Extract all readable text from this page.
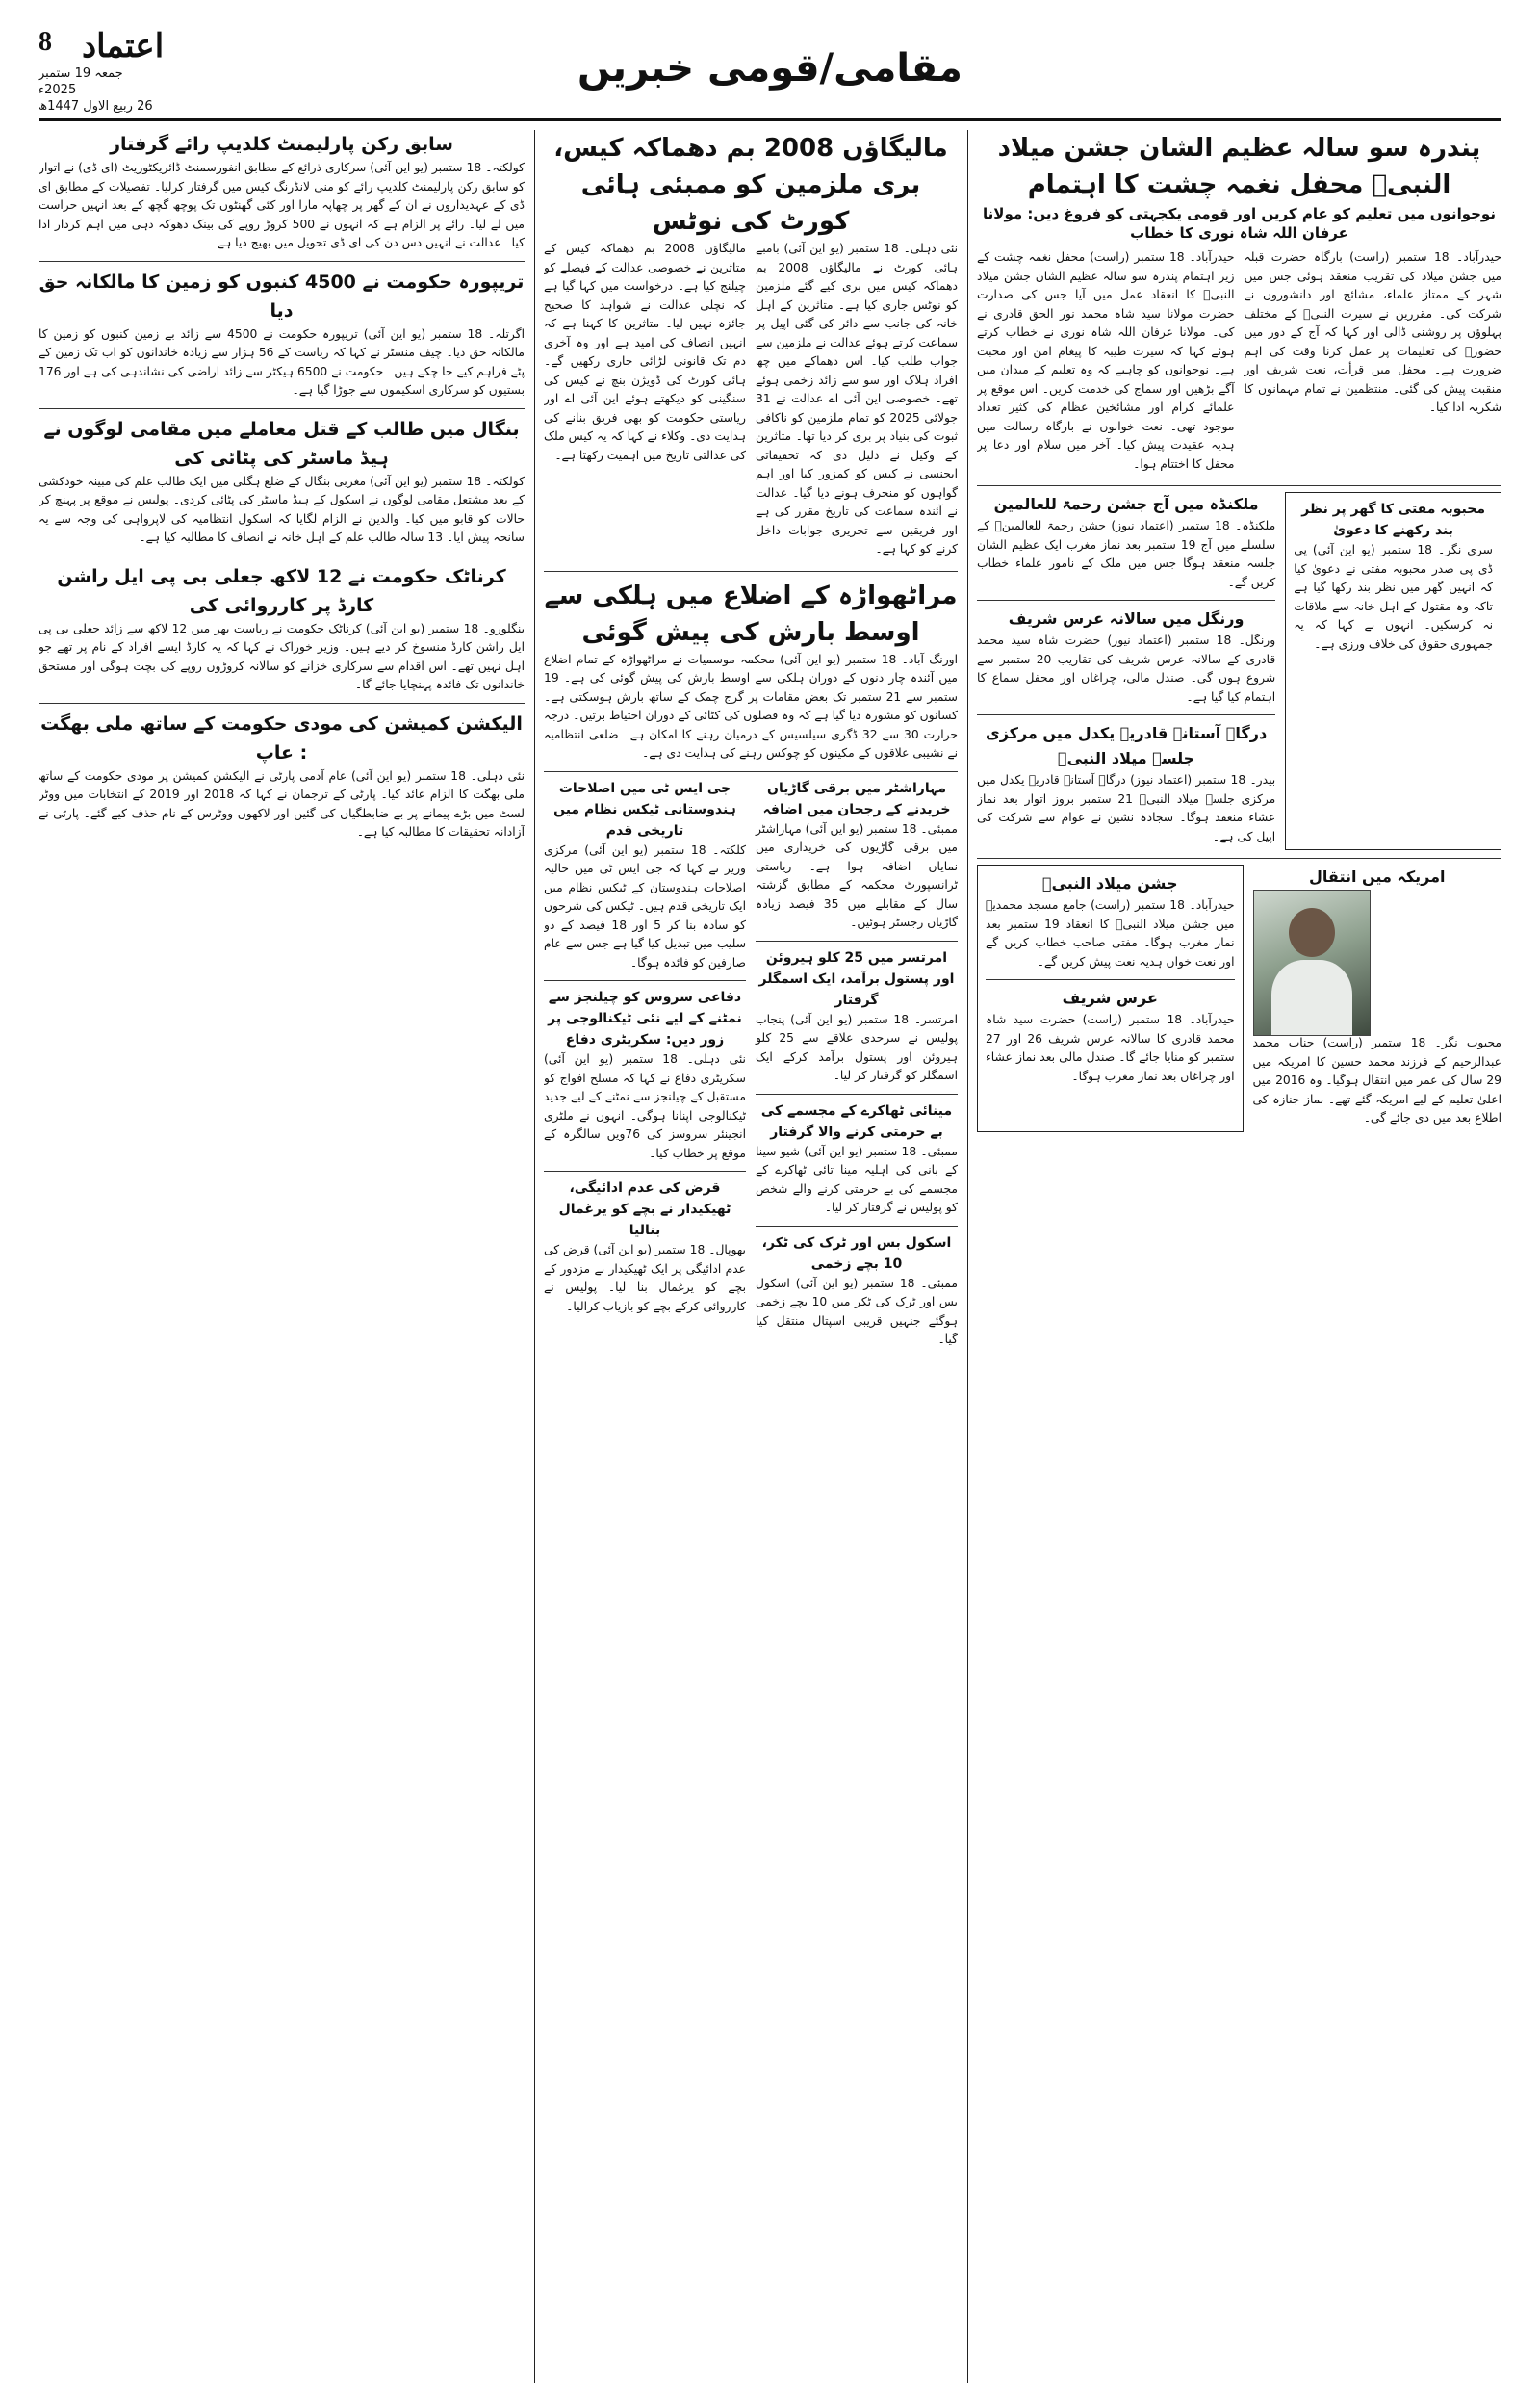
8 اعتماد
جمعہ 19 ستمبر 2025ء
26 ربیع الاول 1447ھ
مقامی/قومی خبریں
سابق رکن پارلیمنٹ کلدیپ رائے گرفتار

کولکتہ۔ 18 ستمبر (یو این آئی) سرکاری ذرائع کے مطابق انفورسمنٹ ڈائریکٹوریٹ (ای ڈی) نے اتوار کو سابق رکن پارلیمنٹ کلدیپ رائے کو منی لانڈرنگ کیس میں گرفتار کرلیا۔ تفصیلات کے مطابق ای ڈی کے عہدیداروں نے ان کے گھر پر چھاپہ مارا اور کئی گھنٹوں تک پوچھ گچھ کے بعد انہیں حراست میں لے لیا۔ رائے پر الزام ہے کہ انہوں نے 500 کروڑ روپے کی بینک دھوکہ دہی میں اہم کردار ادا کیا۔ عدالت نے انہیں دس دن کی ای ڈی تحویل میں بھیج دیا ہے۔

تریپورہ حکومت نے 4500 کنبوں کو زمین کا مالکانہ حق دیا

اگرتلہ۔ 18 ستمبر (یو این آئی) تریپورہ حکومت نے 4500 سے زائد بے زمین کنبوں کو زمین کا مالکانہ حق دیا۔ چیف منسٹر نے کہا کہ ریاست کے 56 ہزار سے زیادہ خاندانوں کو اب تک زمین کے پٹے فراہم کیے جا چکے ہیں۔ حکومت نے 6500 ہیکٹر سے زائد اراضی کی نشاندہی کی ہے اور 176 بستیوں کو سرکاری اسکیموں سے جوڑا گیا ہے۔

بنگال میں طالب کے قتل معاملے میں مقامی لوگوں نے ہیڈ ماسٹر کی پٹائی کی

کولکتہ۔ 18 ستمبر (یو این آئی) مغربی بنگال کے ضلع ہگلی میں ایک طالب علم کی مبینہ خودکشی کے بعد مشتعل مقامی لوگوں نے اسکول کے ہیڈ ماسٹر کی پٹائی کردی۔ پولیس نے موقع پر پہنچ کر حالات کو قابو میں کیا۔ والدین نے الزام لگایا کہ اسکول انتظامیہ کی لاپرواہی کی وجہ سے یہ سانحہ پیش آیا۔ 13 سالہ طالب علم کے اہل خانہ نے انصاف کا مطالبہ کیا ہے۔

کرناٹک حکومت نے 12 لاکھ جعلی بی پی ایل راشن کارڈ پر کارروائی کی

بنگلورو۔ 18 ستمبر (یو این آئی) کرناٹک حکومت نے ریاست بھر میں 12 لاکھ سے زائد جعلی بی پی ایل راشن کارڈ منسوخ کر دیے ہیں۔ وزیر خوراک نے کہا کہ یہ کارڈ ایسے افراد کے نام پر تھے جو اہل نہیں تھے۔ اس اقدام سے سرکاری خزانے کو سالانہ کروڑوں روپے کی بچت ہوگی اور مستحق خاندانوں تک فائدہ پہنچایا جائے گا۔

الیکشن کمیشن کی مودی حکومت کے ساتھ ملی بھگت : عاپ

نئی دہلی۔ 18 ستمبر (یو این آئی) عام آدمی پارٹی نے الیکشن کمیشن پر مودی حکومت کے ساتھ ملی بھگت کا الزام عائد کیا۔ پارٹی کے ترجمان نے کہا کہ 2018 اور 2019 کے انتخابات میں ووٹر لسٹ میں بڑے پیمانے پر بے ضابطگیاں کی گئیں اور لاکھوں ووٹرس کے نام حذف کیے گئے۔ پارٹی نے آزادانہ تحقیقات کا مطالبہ کیا ہے۔

مالیگاؤں 2008 بم دھماکہ کیس، بری ملزمین کو ممبئی ہائی کورٹ کی نوٹس

مالیگاؤں 2008 بم دھماکہ کیس کے متاثرین نے خصوصی عدالت کے فیصلے کو چیلنج کیا ہے۔ درخواست میں کہا گیا ہے کہ نچلی عدالت نے شواہد کا صحیح جائزہ نہیں لیا۔ متاثرین کا کہنا ہے کہ انہیں انصاف کی امید ہے اور وہ آخری دم تک قانونی لڑائی جاری رکھیں گے۔ ہائی کورٹ کی ڈویژن بنچ نے کیس کی سنگینی کو دیکھتے ہوئے این آئی اے اور ریاستی حکومت کو بھی فریق بنانے کی ہدایت دی۔ وکلاء نے کہا کہ یہ کیس ملک کی عدالتی تاریخ میں اہمیت رکھتا ہے۔

نئی دہلی۔ 18 ستمبر (یو این آئی) بامبے ہائی کورٹ نے مالیگاؤں 2008 بم دھماکہ کیس میں بری کیے گئے ملزمین کو نوٹس جاری کیا ہے۔ متاثرین کے اہل خانہ کی جانب سے دائر کی گئی اپیل پر سماعت کرتے ہوئے عدالت نے ملزمین سے جواب طلب کیا۔ اس دھماکے میں چھ افراد ہلاک اور سو سے زائد زخمی ہوئے تھے۔ خصوصی این آئی اے عدالت نے 31 جولائی 2025 کو تمام ملزمین کو ناکافی ثبوت کی بنیاد پر بری کر دیا تھا۔ متاثرین کے وکیل نے دلیل دی کہ تحقیقاتی ایجنسی نے کیس کو کمزور کیا اور اہم گواہوں کو منحرف ہونے دیا گیا۔ عدالت نے آئندہ سماعت کی تاریخ مقرر کی ہے اور فریقین سے تحریری جوابات داخل کرنے کو کہا ہے۔

مراٹھواڑہ کے اضلاع میں ہلکی سے اوسط بارش کی پیش گوئی

اورنگ آباد۔ 18 ستمبر (یو این آئی) محکمہ موسمیات نے مراٹھواڑہ کے تمام اضلاع میں آئندہ چار دنوں کے دوران ہلکی سے اوسط بارش کی پیش گوئی کی ہے۔ 19 ستمبر سے 21 ستمبر تک بعض مقامات پر گرج چمک کے ساتھ بارش ہوسکتی ہے۔ کسانوں کو مشورہ دیا گیا ہے کہ وہ فصلوں کی کٹائی کے دوران احتیاط برتیں۔ درجہ حرارت 30 سے 32 ڈگری سیلسیس کے درمیان رہنے کا امکان ہے۔ ضلعی انتظامیہ نے نشیبی علاقوں کے مکینوں کو چوکس رہنے کی ہدایت دی ہے۔

جی ایس ٹی میں اصلاحات ہندوستانی ٹیکس نظام میں تاریخی قدم

کلکتہ۔ 18 ستمبر (یو این آئی) مرکزی وزیر نے کہا کہ جی ایس ٹی میں حالیہ اصلاحات ہندوستان کے ٹیکس نظام میں ایک تاریخی قدم ہیں۔ ٹیکس کی شرحوں کو سادہ بنا کر 5 اور 18 فیصد کے دو سلیب میں تبدیل کیا گیا ہے جس سے عام صارفین کو فائدہ ہوگا۔

دفاعی سروس کو چیلنجز سے نمٹنے کے لیے نئی ٹیکنالوجی پر زور دیں: سکریٹری دفاع

نئی دہلی۔ 18 ستمبر (یو این آئی) سکریٹری دفاع نے کہا کہ مسلح افواج کو مستقبل کے چیلنجز سے نمٹنے کے لیے جدید ٹیکنالوجی اپنانا ہوگی۔ انہوں نے ملٹری انجینئر سروسز کی 76ویں سالگرہ کے موقع پر خطاب کیا۔

قرض کی عدم ادائیگی، ٹھیکیدار نے بچے کو یرغمال بنالیا

بھوپال۔ 18 ستمبر (یو این آئی) قرض کی عدم ادائیگی پر ایک ٹھیکیدار نے مزدور کے بچے کو یرغمال بنا لیا۔ پولیس نے کارروائی کرکے بچے کو بازیاب کرالیا۔

مہاراشٹر میں برقی گاڑیاں خریدنے کے رجحان میں اضافہ

ممبئی۔ 18 ستمبر (یو این آئی) مہاراشٹر میں برقی گاڑیوں کی خریداری میں نمایاں اضافہ ہوا ہے۔ ریاستی ٹرانسپورٹ محکمہ کے مطابق گزشتہ سال کے مقابلے میں 35 فیصد زیادہ گاڑیاں رجسٹر ہوئیں۔

امرتسر میں 25 کلو ہیروئن اور پستول برآمد، ایک اسمگلر گرفتار

امرتسر۔ 18 ستمبر (یو این آئی) پنجاب پولیس نے سرحدی علاقے سے 25 کلو ہیروئن اور پستول برآمد کرکے ایک اسمگلر کو گرفتار کر لیا۔

مینائی ٹھاکرے کے مجسمے کی بے حرمتی کرنے والا گرفتار

ممبئی۔ 18 ستمبر (یو این آئی) شیو سینا کے بانی کی اہلیہ مینا تائی ٹھاکرے کے مجسمے کی بے حرمتی کرنے والے شخص کو پولیس نے گرفتار کر لیا۔

اسکول بس اور ٹرک کی ٹکر، 10 بچے زخمی

ممبئی۔ 18 ستمبر (یو این آئی) اسکول بس اور ٹرک کی ٹکر میں 10 بچے زخمی ہوگئے جنہیں قریبی اسپتال منتقل کیا گیا۔

پندرہ سو سالہ عظیم الشان جشن میلاد النبیؐ محفل نغمہ چشت کا اہتمام
نوجوانوں میں تعلیم کو عام کریں اور قومی یکجہتی کو فروغ دیں: مولانا عرفان اللہ شاہ نوری کا خطاب

حیدرآباد۔ 18 ستمبر (راست) محفل نغمہ چشت کے زیر اہتمام پندرہ سو سالہ عظیم الشان جشن میلاد النبیؐ کا انعقاد عمل میں آیا جس کی صدارت حضرت مولانا سید شاہ محمد نور الحق قادری نے کی۔ مولانا عرفان اللہ شاہ نوری نے خطاب کرتے ہوئے کہا کہ سیرت طیبہ کا پیغام امن اور محبت ہے۔ نوجوانوں کو چاہیے کہ وہ تعلیم کے میدان میں آگے بڑھیں اور سماج کی خدمت کریں۔ اس موقع پر علمائے کرام اور مشائخین عظام کی کثیر تعداد موجود تھی۔ نعت خوانوں نے بارگاہ رسالت میں ہدیہ عقیدت پیش کیا۔ آخر میں سلام اور دعا پر محفل کا اختتام ہوا۔

حیدرآباد۔ 18 ستمبر (راست) بارگاہ حضرت قبلہ میں جشن میلاد کی تقریب منعقد ہوئی جس میں شہر کے ممتاز علماء، مشائخ اور دانشوروں نے شرکت کی۔ مقررین نے سیرت النبیؐ کے مختلف پہلوؤں پر روشنی ڈالی اور کہا کہ آج کے دور میں حضورؐ کی تعلیمات پر عمل کرنا وقت کی اہم ضرورت ہے۔ محفل میں قرأت، نعت شریف اور منقبت پیش کی گئی۔ منتظمین نے تمام مہمانوں کا شکریہ ادا کیا۔

ملکنڈہ میں آج جشن رحمۃ للعالمین

ملکنڈہ۔ 18 ستمبر (اعتماد نیوز) جشن رحمۃ للعالمینؐ کے سلسلے میں آج 19 ستمبر بعد نماز مغرب ایک عظیم الشان جلسہ منعقد ہوگا جس میں ملک کے نامور علماء خطاب کریں گے۔

ورنگل میں سالانہ عرس شریف

ورنگل۔ 18 ستمبر (اعتماد نیوز) حضرت شاہ سید محمد قادری کے سالانہ عرس شریف کی تقاریب 20 ستمبر سے شروع ہوں گی۔ صندل مالی، چراغاں اور محفل سماع کا اہتمام کیا گیا ہے۔

درگاہ آستانہ قادریہ یکدل میں مرکزی جلسہ میلاد النبیؐ

بیدر۔ 18 ستمبر (اعتماد نیوز) درگاہ آستانہ قادریہ یکدل میں مرکزی جلسہ میلاد النبیؐ 21 ستمبر بروز اتوار بعد نماز عشاء منعقد ہوگا۔ سجادہ نشین نے عوام سے شرکت کی اپیل کی ہے۔

محبوبہ مفتی کا گھر پر نظر بند رکھنے کا دعویٰ

سری نگر۔ 18 ستمبر (یو این آئی) پی ڈی پی صدر محبوبہ مفتی نے دعویٰ کیا کہ انہیں گھر میں نظر بند رکھا گیا ہے تاکہ وہ مقتول کے اہل خانہ سے ملاقات نہ کرسکیں۔ انہوں نے کہا کہ یہ جمہوری حقوق کی خلاف ورزی ہے۔

جشن میلاد النبیؐ

حیدرآباد۔ 18 ستمبر (راست) جامع مسجد محمدیہ میں جشن میلاد النبیؐ کا انعقاد 19 ستمبر بعد نماز مغرب ہوگا۔ مفتی صاحب خطاب کریں گے اور نعت خواں ہدیہ نعت پیش کریں گے۔

عرس شریف

حیدرآباد۔ 18 ستمبر (راست) حضرت سید شاہ محمد قادری کا سالانہ عرس شریف 26 اور 27 ستمبر کو منایا جائے گا۔ صندل مالی بعد نماز عشاء اور چراغاں بعد نماز مغرب ہوگا۔

امریکہ میں انتقال

محبوب نگر۔ 18 ستمبر (راست) جناب محمد عبدالرحیم کے فرزند محمد حسین کا امریکہ میں 29 سال کی عمر میں انتقال ہوگیا۔ وہ 2016 میں اعلیٰ تعلیم کے لیے امریکہ گئے تھے۔ نماز جنازہ کی اطلاع بعد میں دی جائے گی۔
